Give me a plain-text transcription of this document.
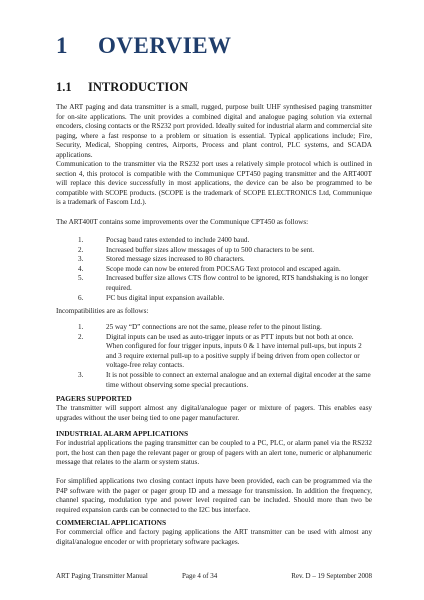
1 OVERVIEW
1.1 INTRODUCTION
The ART paging and data transmitter is a small, rugged, purpose built UHF synthesised paging transmitter for on-site applications. The unit provides a combined digital and analogue paging solution via external encoders, closing contacts or the RS232 port provided. Ideally suited for industrial alarm and commercial site paging, where a fast response to a problem or situation is essential. Typical applications include; Fire, Security, Medical, Shopping centres, Airports, Process and plant control, PLC systems, and SCADA applications.
Communication to the transmitter via the RS232 port uses a relatively simple protocol which is outlined in section 4, this protocol is compatible with the Communique CPT450 paging transmitter and the ART400T will replace this device successfully in most applications, the device can be also be programmed to be compatible with SCOPE products. (SCOPE is the trademark of SCOPE ELECTRONICS Ltd, Communique is a trademark of Fascom Ltd.).
The ART400T contains some improvements over the Communique CPT450 as follows:
1.	Pocsag baud rates extended to include 2400 baud.
2.	Increased buffer sizes allow messages of up to 500 characters to be sent.
3.	Stored message sizes increased to 80 characters.
4.	Scope mode can now be entered from POCSAG Text protocol and escaped again.
5.	Increased buffer size allows CTS flow control to be ignored, RTS handshaking is no longer required.
6.	I²C bus digital input expansion available.
Incompatibilities are as follows:
1.	25 way “D” connections are not the same, please refer to the pinout listing.
2.	Digital inputs can be used as auto-trigger inputs or as PTT inputs but not both at once. When configured for four trigger inputs, inputs 0 & 1 have internal pull-ups, but inputs 2 and 3 require external pull-up to a positive supply if being driven from open collector or voltage-free relay contacts.
3.	It is not possible to connect an external analogue and an external digital encoder at the same time without observing some special precautions.
PAGERS SUPPORTED
The transmitter will support almost any digital/analogue pager or mixture of pagers. This enables easy upgrades without the user being tied to one pager manufacturer.
INDUSTRIAL ALARM APPLICATIONS
For industrial applications the paging transmitter can be coupled to a PC, PLC, or alarm panel via the RS232 port, the host can then page the relevant pager or group of pagers with an alert tone, numeric or alphanumeric message that relates to the alarm or system status.
For simplified applications two closing contact inputs have been provided, each can be programmed via the P4P software with the pager or pager group ID and a message for transmission. In addition the frequency, channel spacing, modulation type and power level required can be included. Should more than two be required expansion cards can be connected to the I2C bus interface.
COMMERCIAL APPLICATIONS
For commercial office and factory paging applications the ART transmitter can be used with almost any digital/analogue encoder or with proprietary software packages.
ART Paging Transmitter Manual	Page 4 of 34	Rev. D – 19 September 2008
